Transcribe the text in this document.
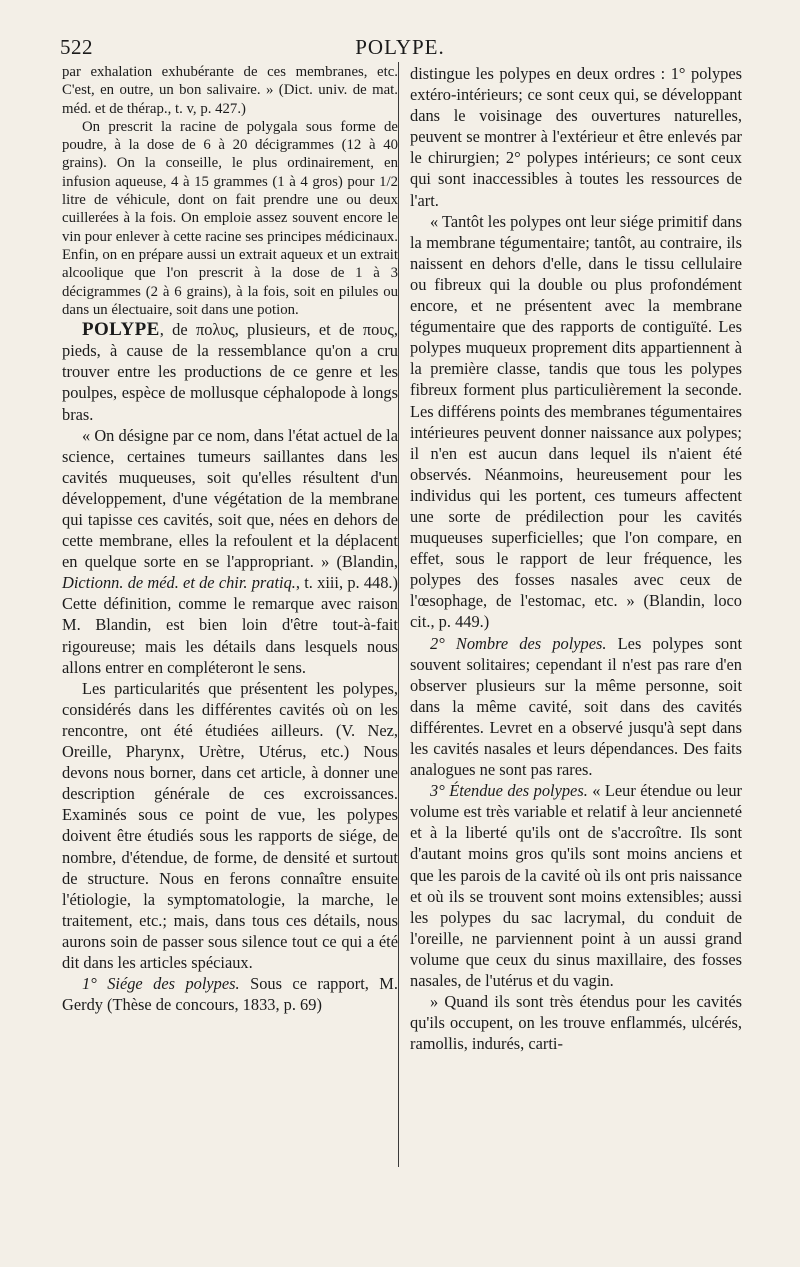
522	POLYPE.

par exhalation exhubérante de ces membranes, etc. C'est, en outre, un bon salivaire. » (Dict. univ. de mat. méd. et de thérap., t. v, p. 427.)

On prescrit la racine de polygala sous forme de poudre, à la dose de 6 à 20 décigrammes (12 à 40 grains). On la conseille, le plus ordinairement, en infusion aqueuse, 4 à 15 grammes (1 à 4 gros) pour 1/2 litre de véhicule, dont on fait prendre une ou deux cuillerées à la fois. On emploie assez souvent encore le vin pour enlever à cette racine ses principes médicinaux. Enfin, on en prépare aussi un extrait aqueux et un extrait alcoolique que l'on prescrit à la dose de 1 à 3 décigrammes (2 à 6 grains), à la fois, soit en pilules ou dans un électuaire, soit dans une potion.

POLYPE, de πολυς, plusieurs, et de πους, pieds, à cause de la ressemblance qu'on a cru trouver entre les productions de ce genre et les poulpes, espèce de mollusque céphalopode à longs bras.

« On désigne par ce nom, dans l'état actuel de la science, certaines tumeurs saillantes dans les cavités muqueuses, soit qu'elles résultent d'un développement, d'une végétation de la membrane qui tapisse ces cavités, soit que, nées en dehors de cette membrane, elles la refoulent et la déplacent en quelque sorte en se l'appropriant. » (Blandin, Dictionn. de méd. et de chir. pratiq., t. xiii, p. 448.) Cette définition, comme le remarque avec raison M. Blandin, est bien loin d'être tout-à-fait rigoureuse; mais les détails dans lesquels nous allons entrer en compléteront le sens.

Les particularités que présentent les polypes, considérés dans les différentes cavités où on les rencontre, ont été étudiées ailleurs. (V. Nez, Oreille, Pharynx, Urètre, Utérus, etc.) Nous devons nous borner, dans cet article, à donner une description générale de ces excroissances. Examinés sous ce point de vue, les polypes doivent être étudiés sous les rapports de siége, de nombre, d'étendue, de forme, de densité et surtout de structure. Nous en ferons connaître ensuite l'étiologie, la symptomatologie, la marche, le traitement, etc.; mais, dans tous ces détails, nous aurons soin de passer sous silence tout ce qui a été dit dans les articles spéciaux.

1° Siége des polypes. Sous ce rapport, M. Gerdy (Thèse de concours, 1833, p. 69)

distingue les polypes en deux ordres : 1° polypes extéro-intérieurs; ce sont ceux qui, se développant dans le voisinage des ouvertures naturelles, peuvent se montrer à l'extérieur et être enlevés par le chirurgien; 2° polypes intérieurs; ce sont ceux qui sont inaccessibles à toutes les ressources de l'art.

« Tantôt les polypes ont leur siége primitif dans la membrane tégumentaire; tantôt, au contraire, ils naissent en dehors d'elle, dans le tissu cellulaire ou fibreux qui la double ou plus profondément encore, et ne présentent avec la membrane tégumentaire que des rapports de contiguïté. Les polypes muqueux proprement dits appartiennent à la première classe, tandis que tous les polypes fibreux forment plus particulièrement la seconde. Les différens points des membranes tégumentaires intérieures peuvent donner naissance aux polypes; il n'en est aucun dans lequel ils n'aient été observés. Néanmoins, heureusement pour les individus qui les portent, ces tumeurs affectent une sorte de prédilection pour les cavités muqueuses superficielles; que l'on compare, en effet, sous le rapport de leur fréquence, les polypes des fosses nasales avec ceux de l'œsophage, de l'estomac, etc. » (Blandin, loco cit., p. 449.)

2° Nombre des polypes. Les polypes sont souvent solitaires; cependant il n'est pas rare d'en observer plusieurs sur la même personne, soit dans la même cavité, soit dans des cavités différentes. Levret en a observé jusqu'à sept dans les cavités nasales et leurs dépendances. Des faits analogues ne sont pas rares.

3° Étendue des polypes. « Leur étendue ou leur volume est très variable et relatif à leur ancienneté et à la liberté qu'ils ont de s'accroître. Ils sont d'autant moins gros qu'ils sont moins anciens et que les parois de la cavité où ils ont pris naissance et où ils se trouvent sont moins extensibles; aussi les polypes du sac lacrymal, du conduit de l'oreille, ne parviennent point à un aussi grand volume que ceux du sinus maxillaire, des fosses nasales, de l'utérus et du vagin.

» Quand ils sont très étendus pour les cavités qu'ils occupent, on les trouve enflammés, ulcérés, ramollis, indurés, carti-
